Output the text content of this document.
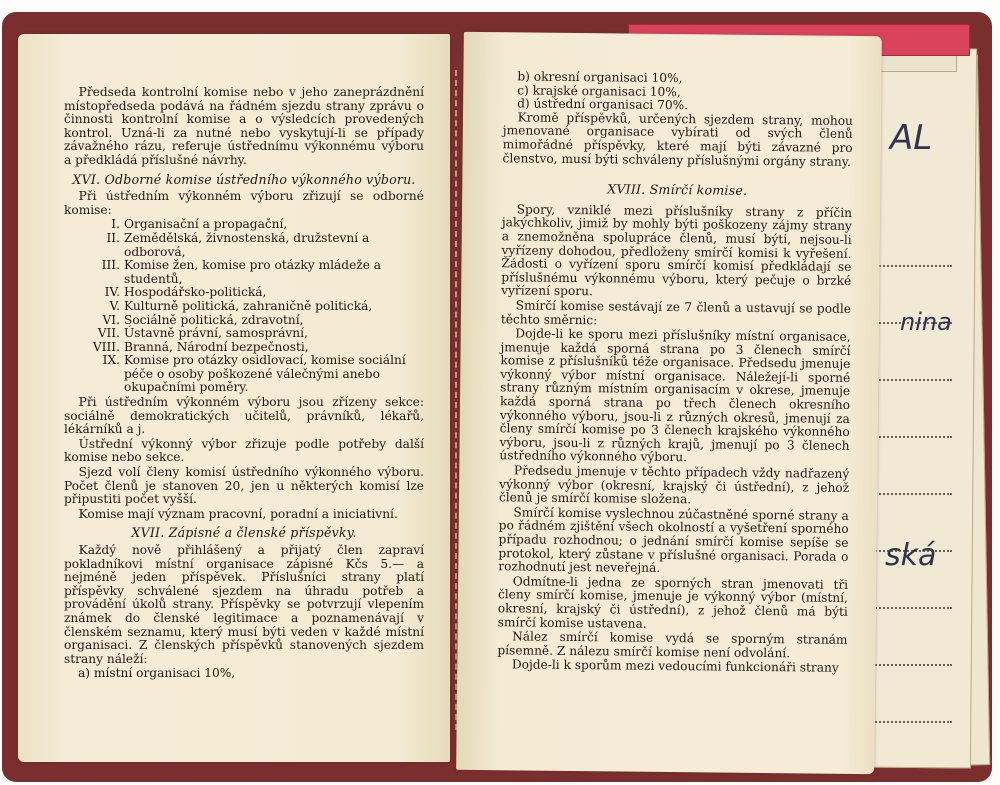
AL
nina
ská

Předseda kontrolní komise nebo v jeho zaneprázdnění místopředseda podává na řádném sjezdu strany zprávu o činnosti kontrolní komise a o výsledcích provedených kontrol. Uzná-li za nutné nebo vyskytují-li se případy závažného rázu, referuje ústřednímu výkonnému výboru a předkládá příslušné návrhy.

XVI. Odborné komise ústředního výkonného výboru.

Při ústředním výkonném výboru zřizují se odborné komise:

I. Organisační a propagační,
II. Zemědělská, živnostenská, družstevní a odborová,
III. Komise žen, komise pro otázky mládeže a studentů,
IV. Hospodářsko-politická,
V. Kulturně politická, zahraničně politická,
VI. Sociálně politická, zdravotní,
VII. Ústavně právní, samosprávní,
VIII. Branná, Národní bezpečnosti,
IX. Komise pro otázky osidlovací, komise sociální péče o osoby poškozené válečnými anebo okupačními poměry.

Při ústředním výkonném výboru jsou zřízeny sekce: sociálně demokratických učitelů, právníků, lékařů, lékárníků a j.

Ústřední výkonný výbor zřizuje podle potřeby další komise nebo sekce.

Sjezd volí členy komisí ústředního výkonného výboru. Počet členů je stanoven 20, jen u některých komisí lze připustiti počet vyšší.

Komise mají význam pracovní, poradní a iniciativní.

XVII. Zápisné a členské příspěvky.

Každý nově přihlášený a přijatý člen zapraví pokladníkovi místní organisace zápisné Kčs 5.— a nejméně jeden příspěvek. Příslušníci strany platí příspěvky schválené sjezdem na úhradu potřeb a provádění úkolů strany. Příspěvky se potvrzují vlepením známek do členské legitimace a poznamenávají v členském seznamu, který musí býti veden v každé místní organisaci. Z členských příspěvků stanovených sjezdem strany náleží:

a) místní organisaci 10%,
b) okresní organisaci 10%,
c) krajské organisaci 10%,
d) ústřední organisaci 70%.

Kromě příspěvků, určených sjezdem strany, mohou jmenované organisace vybírati od svých členů mimořádné příspěvky, které mají býti závazné pro členstvo, musí býti schváleny příslušnými orgány strany.

XVIII. Smírčí komise.

Spory, vzniklé mezi příslušníky strany z příčin jakýchkoliv, jimiž by mohly býti poškozeny zájmy strany a znemožněna spolupráce členů, musí býti, nejsou-li vyřízeny dohodou, předloženy smírčí komisi k vyřešení. Žádosti o vyřízení sporu smírčí komisí předkládají se příslušnému výkonnému výboru, který pečuje o brzké vyřízení sporu.

Smírčí komise sestávají ze 7 členů a ustavují se podle těchto směrnic:

Dojde-li ke sporu mezi příslušníky místní organisace, jmenuje každá sporná strana po 3 členech smírčí komise z příslušníků téže organisace. Předsedu jmenuje výkonný výbor místní organisace. Náležejí-li sporné strany různým místním organisacím v okrese, jmenuje každá sporná strana po třech členech okresního výkonného výboru, jsou-li z různých okresů, jmenují za členy smírčí komise po 3 členech krajského výkonného výboru, jsou-li z různých krajů, jmenují po 3 členech ústředního výkonného výboru.

Předsedu jmenuje v těchto případech vždy nadřazený výkonný výbor (okresní, krajský či ústřední), z jehož členů je smírčí komise složena.

Smírčí komise vyslechnou zúčastněné sporné strany a po řádném zjištění všech okolností a vyšetření sporného případu rozhodnou; o jednání smírčí komise sepíše se protokol, který zůstane v příslušné organisaci. Porada o rozhodnutí jest neveřejná.

Odmítne-li jedna ze sporných stran jmenovati tři členy smírčí komise, jmenuje je výkonný výbor (místní, okresní, krajský či ústřední), z jehož členů má býti smírčí komise ustavena.

Nález smírčí komise vydá se sporným stranám písemně. Z nálezu smírčí komise není odvolání.

Dojde-li k sporům mezi vedoucími funkcionáři strany
